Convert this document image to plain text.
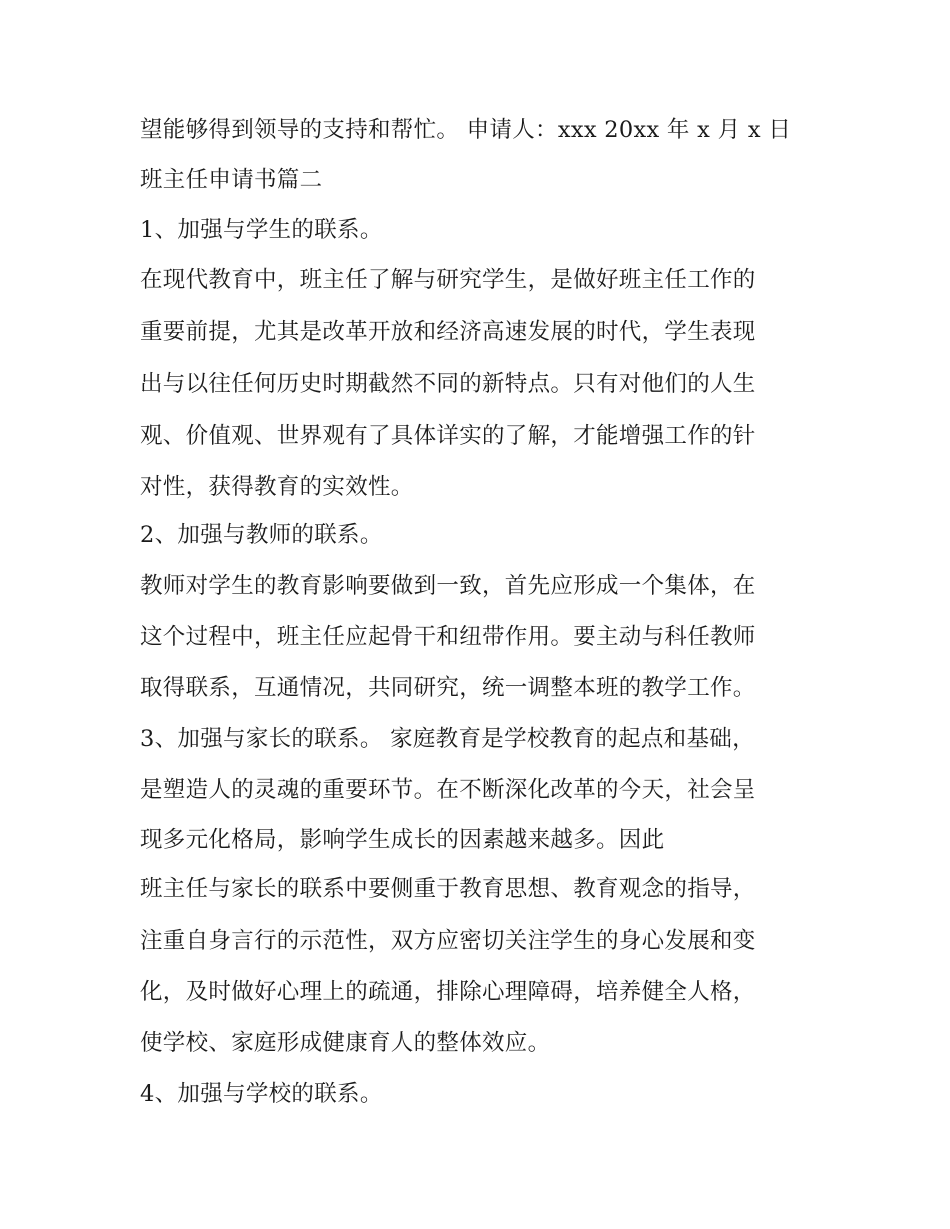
望能够得到领导的支持和帮忙。 申请人：xxx 20xx 年 x 月 x 日
班主任申请书篇二
1、加强与学生的联系。
在现代教育中，班主任了解与研究学生，是做好班主任工作的
重要前提，尤其是改革开放和经济高速发展的时代，学生表现
出与以往任何历史时期截然不同的新特点。只有对他们的人生
观、价值观、世界观有了具体详实的了解，才能增强工作的针
对性，获得教育的实效性。
2、加强与教师的联系。
教师对学生的教育影响要做到一致，首先应形成一个集体，在
这个过程中，班主任应起骨干和纽带作用。要主动与科任教师
取得联系，互通情况，共同研究，统一调整本班的教学工作。
3、加强与家长的联系。 家庭教育是学校教育的起点和基础，
是塑造人的灵魂的重要环节。在不断深化改革的今天，社会呈
现多元化格局，影响学生成长的因素越来越多。因此
班主任与家长的联系中要侧重于教育思想、教育观念的指导，
注重自身言行的示范性，双方应密切关注学生的身心发展和变
化，及时做好心理上的疏通，排除心理障碍，培养健全人格，
使学校、家庭形成健康育人的整体效应。
4、加强与学校的联系。
